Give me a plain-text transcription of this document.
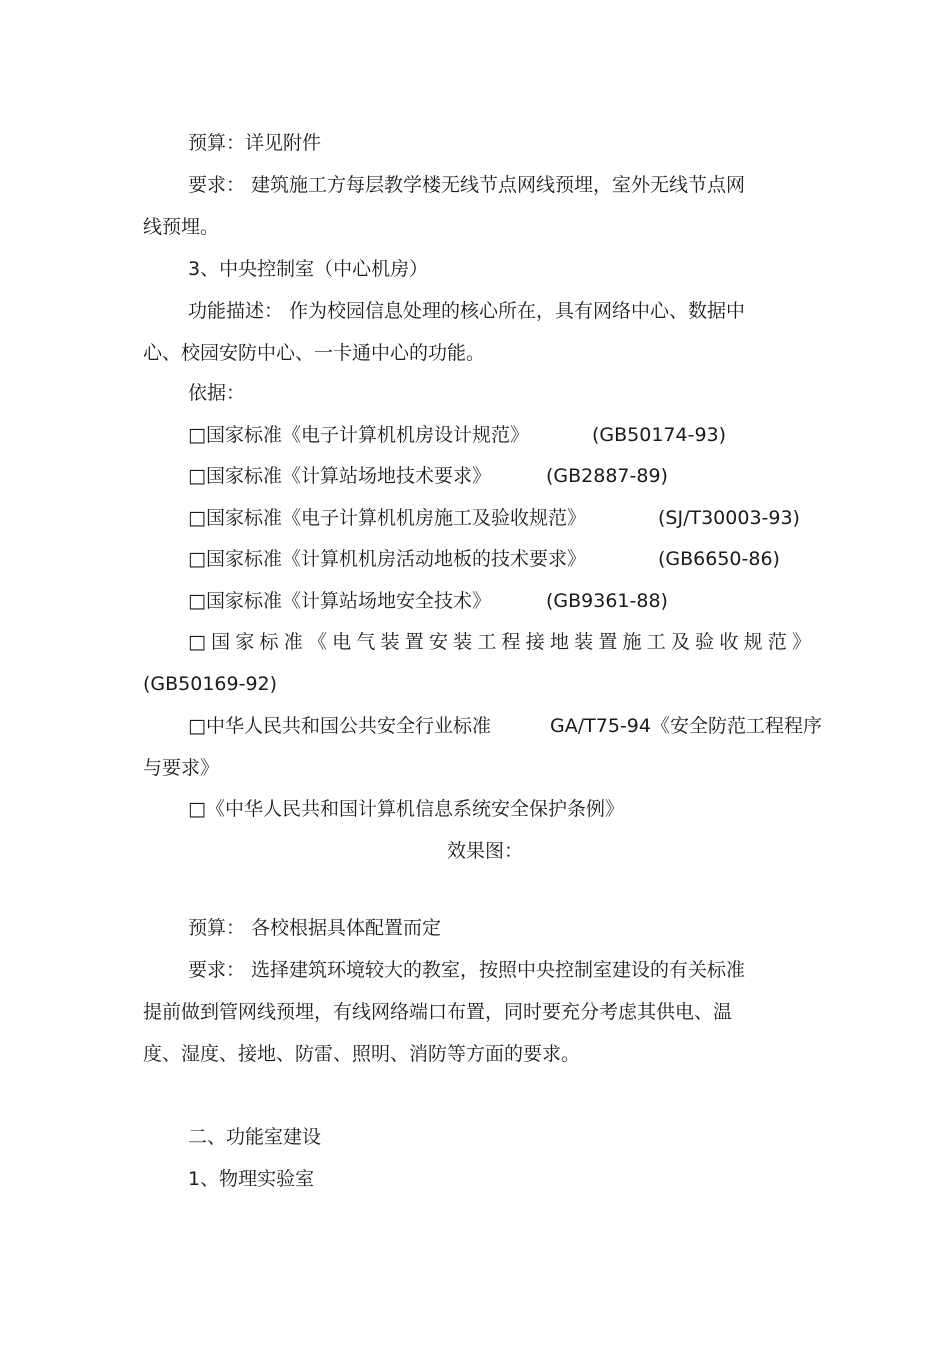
预算：详见附件
要求： 建筑施工方每层教学楼无线节点网线预埋，室外无线节点网
线预埋。
3、中央控制室（中心机房）
功能描述： 作为校园信息处理的核心所在，具有网络中心、数据中
心、校园安防中心、一卡通中心的功能。
依据：
□国家标准《电子计算机机房设计规范》	(GB50174-93)
□国家标准《计算站场地技术要求》	(GB2887-89)
□国家标准《电子计算机机房施工及验收规范》	(SJ/T30003-93)
□国家标准《计算机机房活动地板的技术要求》	(GB6650-86)
□国家标准《计算站场地安全技术》	(GB9361-88)
□国家标准《电气装置安装工程接地装置施工及验收规范》
(GB50169-92)
□中华人民共和国公共安全行业标准	GA/T75-94《安全防范工程程序
与要求》
□《中华人民共和国计算机信息系统安全保护条例》
效果图：
预算： 各校根据具体配置而定
要求： 选择建筑环境较大的教室，按照中央控制室建设的有关标准
提前做到管网线预埋，有线网络端口布置，同时要充分考虑其供电、温
度、湿度、接地、防雷、照明、消防等方面的要求。
二、功能室建设
1、物理实验室
